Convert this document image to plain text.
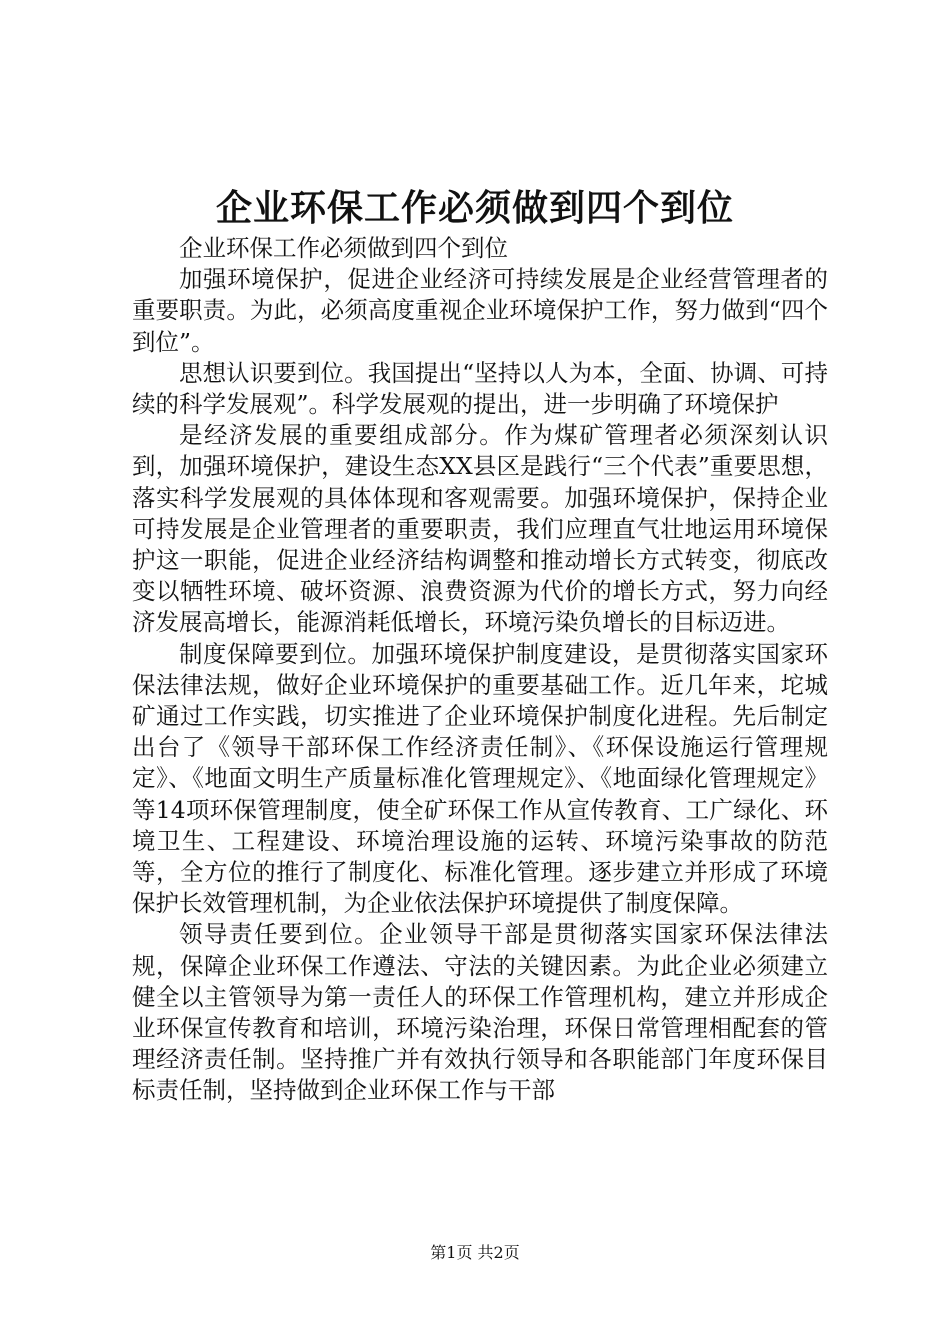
企业环保工作必须做到四个到位

企业环保工作必须做到四个到位

加强环境保护，促进企业经济可持续发展是企业经营管理者的重要职责。为此，必须高度重视企业环境保护工作，努力做到“四个到位”。

思想认识要到位。我国提出“坚持以人为本，全面、协调、可持续的科学发展观”。科学发展观的提出，进一步明确了环境保护

是经济发展的重要组成部分。作为煤矿管理者必须深刻认识到，加强环境保护，建设生态XX县区是践行“三个代表”重要思想，落实科学发展观的具体体现和客观需要。加强环境保护，保持企业可持发展是企业管理者的重要职责，我们应理直气壮地运用环境保护这一职能，促进企业经济结构调整和推动增长方式转变，彻底改变以牺牲环境、破坏资源、浪费资源为代价的增长方式，努力向经济发展高增长，能源消耗低增长，环境污染负增长的目标迈进。

制度保障要到位。加强环境保护制度建设，是贯彻落实国家环保法律法规，做好企业环境保护的重要基础工作。近几年来，坨城矿通过工作实践，切实推进了企业环境保护制度化进程。先后制定出台了《领导干部环保工作经济责任制》、《环保设施运行管理规定》、《地面文明生产质量标准化管理规定》、《地面绿化管理规定》等14项环保管理制度，使全矿环保工作从宣传教育、工广绿化、环境卫生、工程建设、环境治理设施的运转、环境污染事故的防范等，全方位的推行了制度化、标准化管理。逐步建立并形成了环境保护长效管理机制，为企业依法保护环境提供了制度保障。

领导责任要到位。企业领导干部是贯彻落实国家环保法律法规，保障企业环保工作遵法、守法的关键因素。为此企业必须建立健全以主管领导为第一责任人的环保工作管理机构，建立并形成企业环保宣传教育和培训，环境污染治理，环保日常管理相配套的管理经济责任制。坚持推广并有效执行领导和各职能部门年度环保目标责任制，坚持做到企业环保工作与干部

第1页 共2页
